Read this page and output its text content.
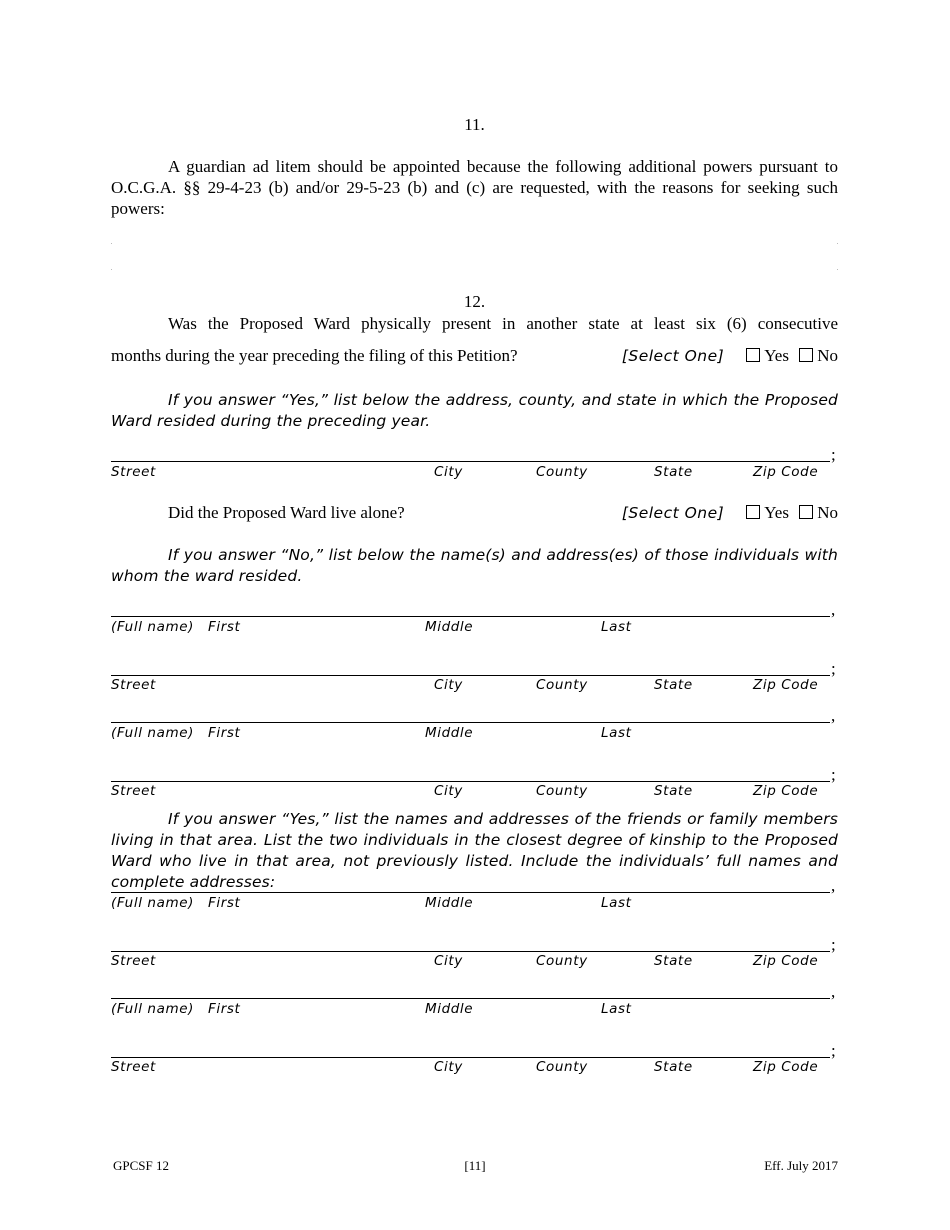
11.
A guardian ad litem should be appointed because the following additional powers pursuant to O.C.G.A. §§ 29-4-23 (b) and/or 29-5-23 (b) and (c) are requested, with the reasons for seeking such powers:
12.
Was the Proposed Ward physically present in another state at least six (6) consecutive
months during the year preceding the filing of this Petition?	[Select One] Yes No
If you answer “Yes,” list below the address, county, and state in which the Proposed Ward resided during the preceding year.
;
Street	City	County	State	Zip Code
Did the Proposed Ward live alone?	[Select One] Yes No
If you answer “No,” list below the name(s) and address(es) of those individuals with whom the ward resided.
,
(Full name) First	Middle	Last
;
Street	City	County	State	Zip Code
,
(Full name) First	Middle	Last
;
Street	City	County	State	Zip Code
If you answer “Yes,” list the names and addresses of the friends or family members living in that area. List the two individuals in the closest degree of kinship to the Proposed Ward who live in that area, not previously listed. Include the individuals’ full names and complete addresses:	,
(Full name) First	Middle	Last
;
Street	City	County	State	Zip Code
,
(Full name) First	Middle	Last
;
Street	City	County	State	Zip Code
GPCSF 12	[11]	Eff. July 2017
